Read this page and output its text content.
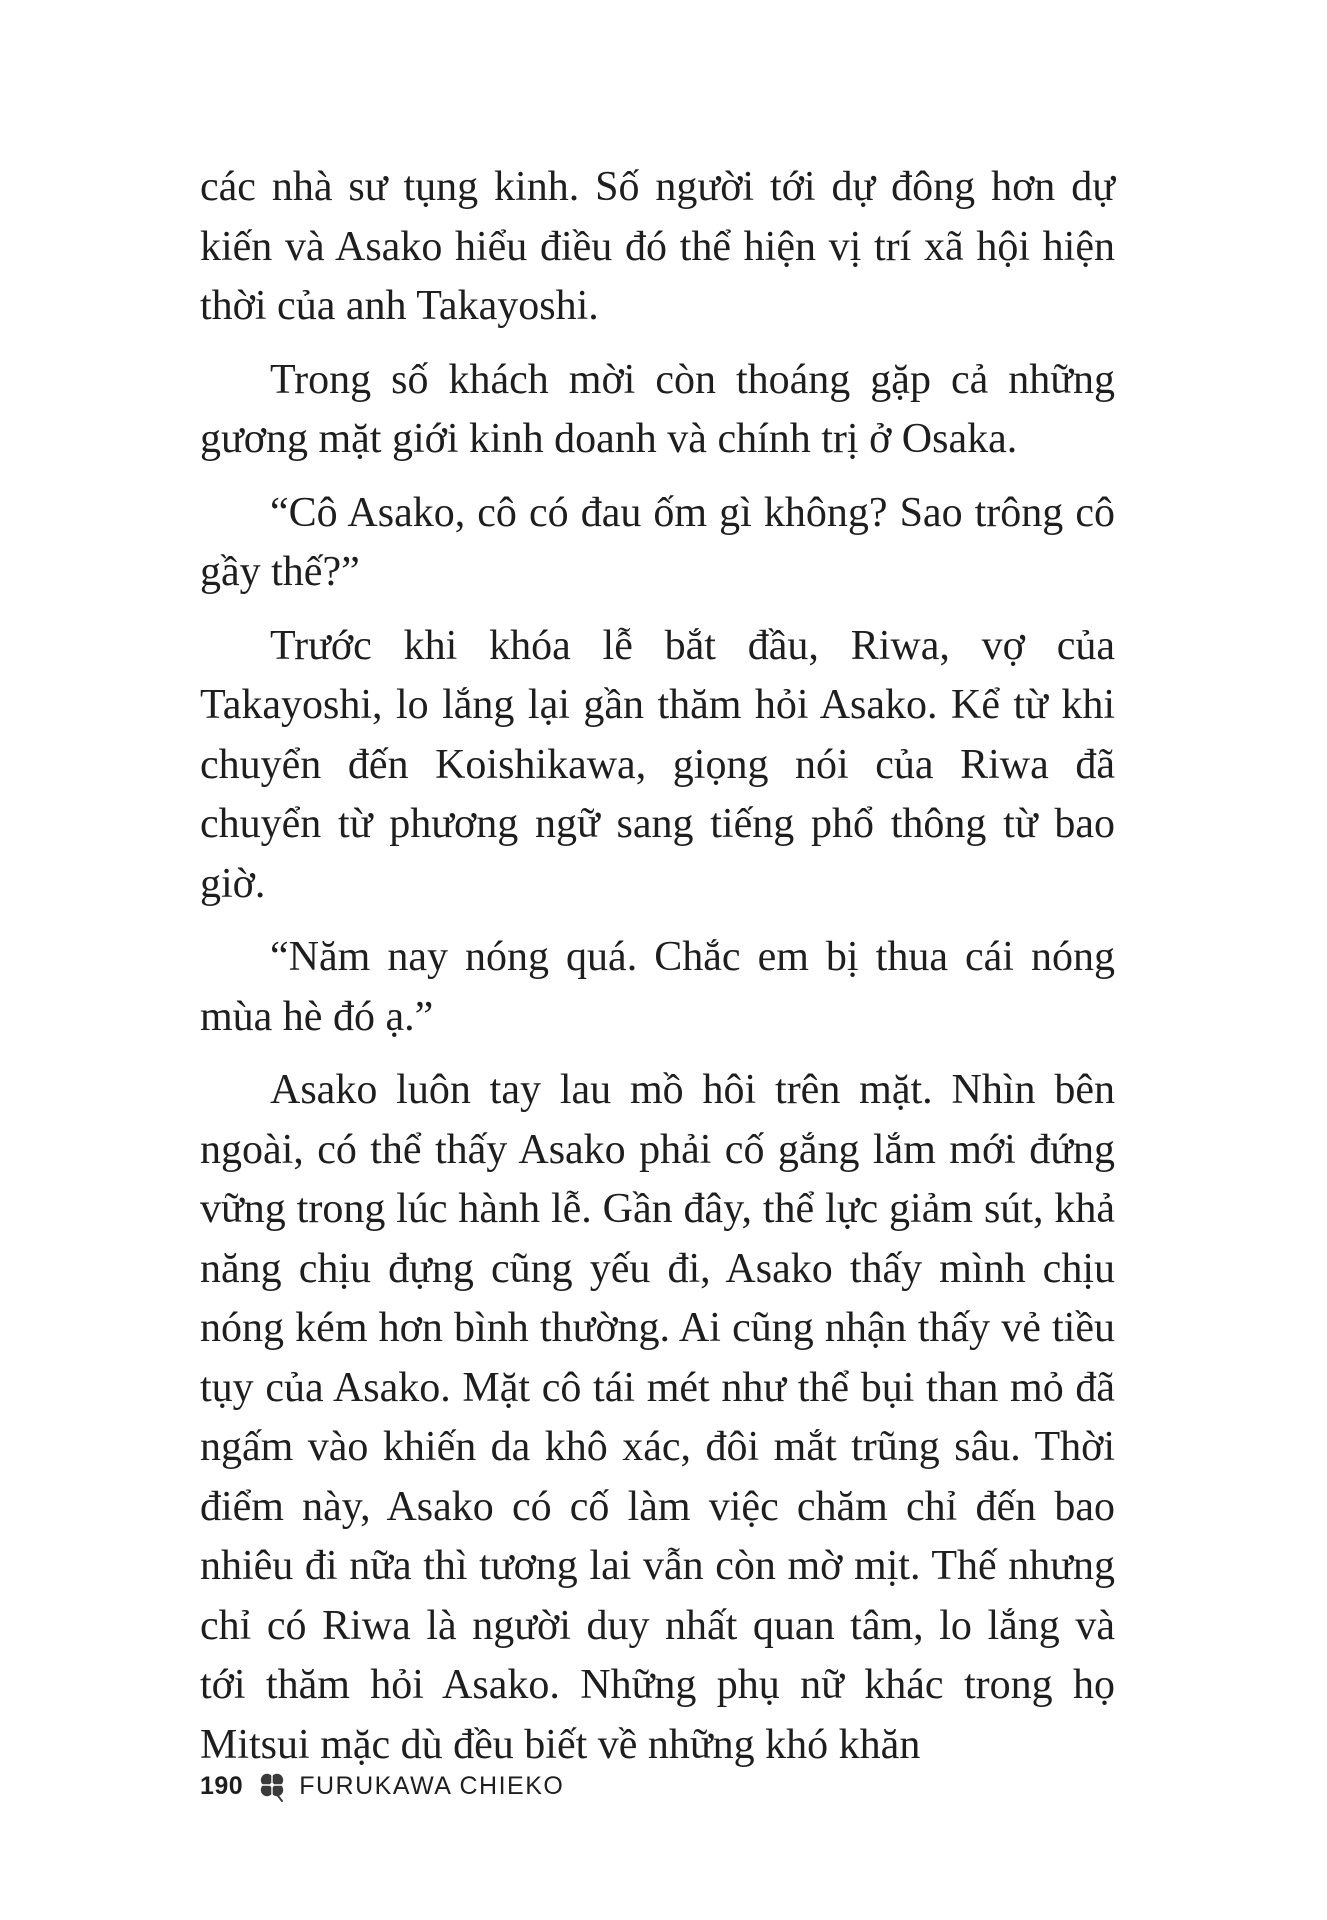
các nhà sư tụng kinh. Số người tới dự đông hơn dự kiến và Asako hiểu điều đó thể hiện vị trí xã hội hiện thời của anh Takayoshi.

Trong số khách mời còn thoáng gặp cả những gương mặt giới kinh doanh và chính trị ở Osaka.

“Cô Asako, cô có đau ốm gì không? Sao trông cô gầy thế?”

Trước khi khóa lễ bắt đầu, Riwa, vợ của Takayoshi, lo lắng lại gần thăm hỏi Asako. Kể từ khi chuyển đến Koishikawa, giọng nói của Riwa đã chuyển từ phương ngữ sang tiếng phổ thông từ bao giờ.

“Năm nay nóng quá. Chắc em bị thua cái nóng mùa hè đó ạ.”

Asako luôn tay lau mồ hôi trên mặt. Nhìn bên ngoài, có thể thấy Asako phải cố gắng lắm mới đứng vững trong lúc hành lễ. Gần đây, thể lực giảm sút, khả năng chịu đựng cũng yếu đi, Asako thấy mình chịu nóng kém hơn bình thường. Ai cũng nhận thấy vẻ tiều tụy của Asako. Mặt cô tái mét như thể bụi than mỏ đã ngấm vào khiến da khô xác, đôi mắt trũng sâu. Thời điểm này, Asako có cố làm việc chăm chỉ đến bao nhiêu đi nữa thì tương lai vẫn còn mờ mịt. Thế nhưng chỉ có Riwa là người duy nhất quan tâm, lo lắng và tới thăm hỏi Asako. Những phụ nữ khác trong họ Mitsui mặc dù đều biết về những khó khăn

190 FURUKAWA CHIEKO
